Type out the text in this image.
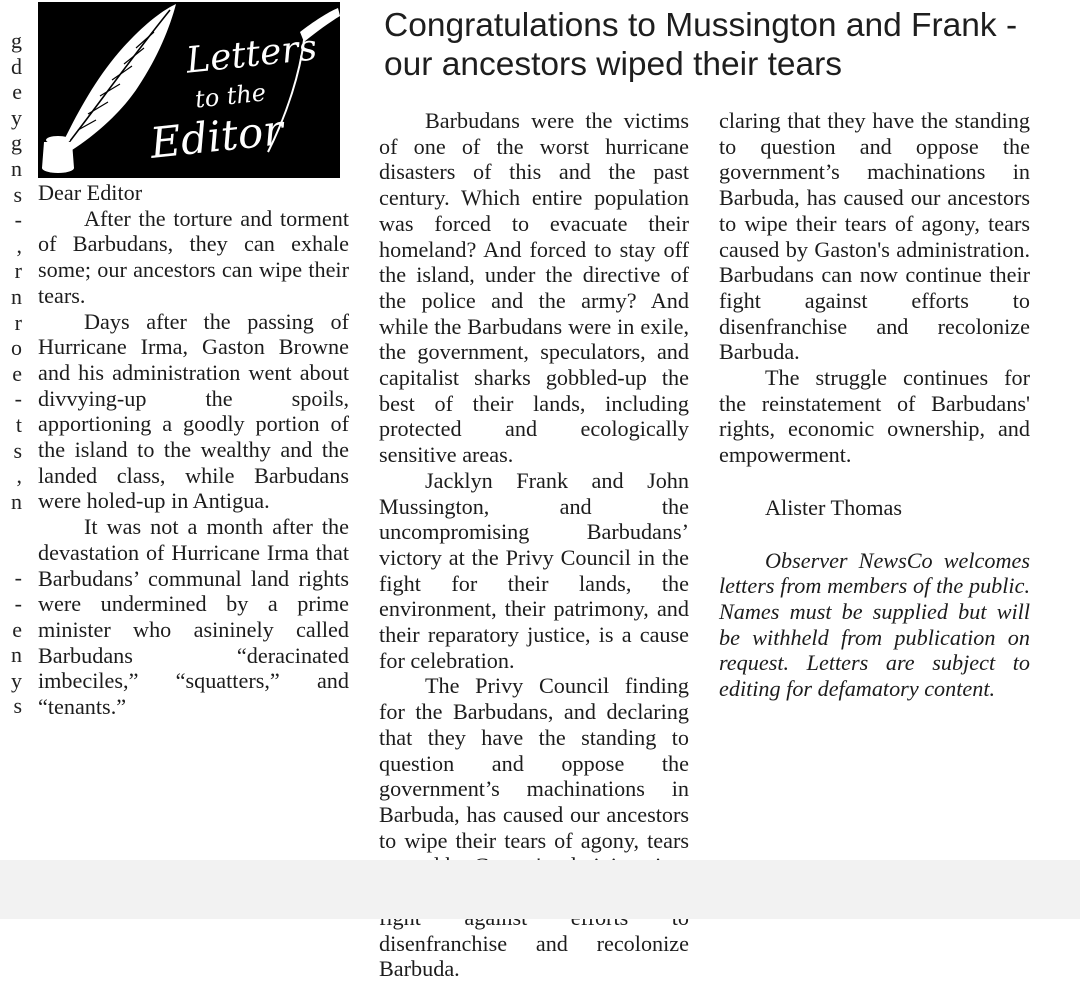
g
d
e
y
g
n
s
-
,
r
n
r
o
e
-
t
s
,
n
-
-
e
n
y
s
Letters
to the
Editor
Congratulations to Mussington and Frank - our ancestors wiped their tears

Dear Editor

After the torture and torment of Barbudans, they can exhale some; our ancestors can wipe their tears.

Days after the passing of Hurricane Irma, Gaston Browne and his administration went about divvying-up the spoils, apportioning a goodly portion of the island to the wealthy and the landed class, while Barbudans were holed-up in Antigua.

It was not a month after the devastation of Hurricane Irma that Barbudans’ communal land rights were undermined by a prime minister who asininely called Barbudans “deracinated imbeciles,” “squatters,” and “tenants.”

Barbudans were the victims of one of the worst hurricane disasters of this and the past century. Which entire population was forced to evacuate their homeland? And forced to stay off the island, under the directive of the police and the army? And while the Barbudans were in exile, the government, speculators, and capitalist sharks gobbled-up the best of their lands, including protected and ecologically sensitive areas.

Jacklyn Frank and John Mussington, and the uncompromising Barbudans’ victory at the Privy Council in the fight for their lands, the environment, their patrimony, and their reparatory justice, is a cause for celebration.

The Privy Council finding for the Barbudans, and declaring that they have the standing to question and oppose the government’s machinations in Barbuda, has caused our ancestors to wipe their tears of agony, tears disenfranchise and recolonize Barbuda.

claring that they have the standing to question and oppose the government’s machinations in Barbuda, has caused our ancestors to wipe their tears of agony, tears caused by Gaston's administration. Barbudans can now continue their fight against efforts to disenfranchise and recolonize Barbuda.

The struggle continues for the reinstatement of Barbudans' rights, economic ownership, and empowerment.

Alister Thomas

Observer NewsCo welcomes letters from members of the public. Names must be supplied but will be withheld from publication on request. Letters are subject to editing for defamatory content.
